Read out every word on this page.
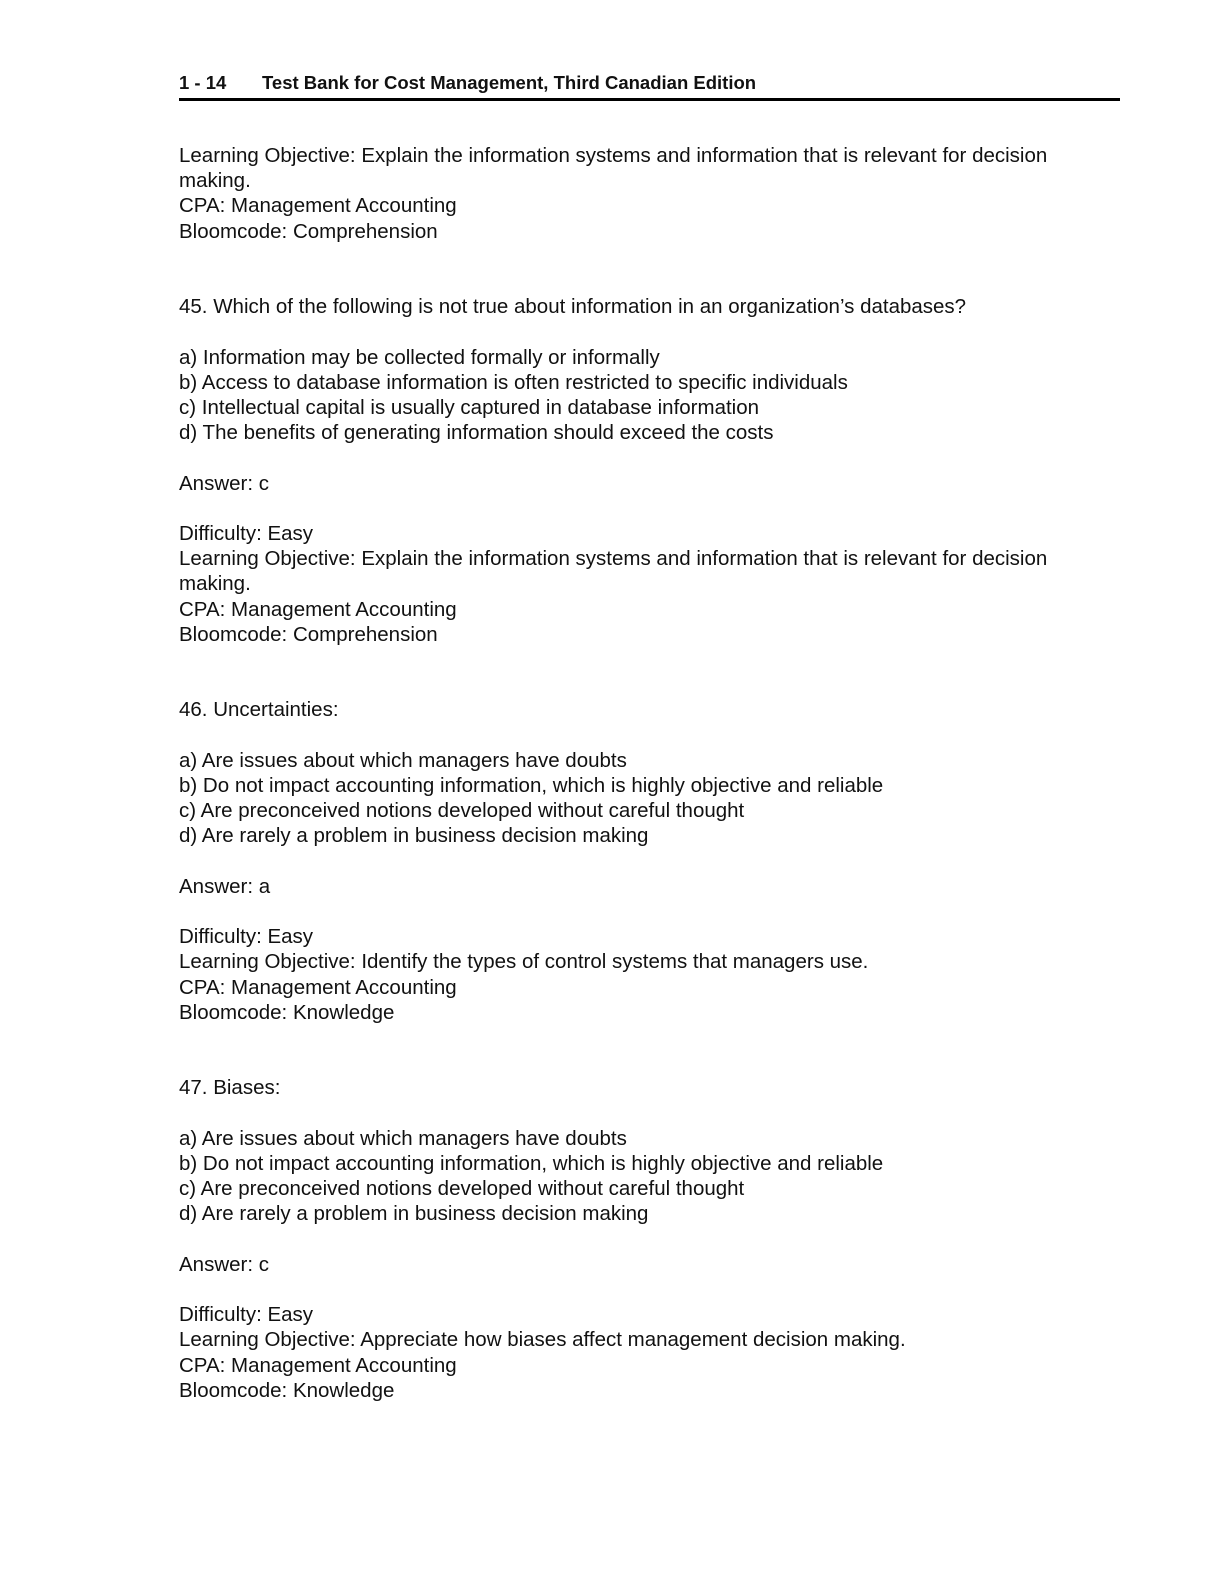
1 - 14 Test Bank for Cost Management, Third Canadian Edition
Learning Objective: Explain the information systems and information that is relevant for decision
making.
CPA: Management Accounting
Bloomcode: Comprehension
45. Which of the following is not true about information in an organization’s databases?
a) Information may be collected formally or informally
b) Access to database information is often restricted to specific individuals
c) Intellectual capital is usually captured in database information
d) The benefits of generating information should exceed the costs
Answer: c
Difficulty: Easy
Learning Objective: Explain the information systems and information that is relevant for decision
making.
CPA: Management Accounting
Bloomcode: Comprehension
46. Uncertainties:
a) Are issues about which managers have doubts
b) Do not impact accounting information, which is highly objective and reliable
c) Are preconceived notions developed without careful thought
d) Are rarely a problem in business decision making
Answer: a
Difficulty: Easy
Learning Objective: Identify the types of control systems that managers use.
CPA: Management Accounting
Bloomcode: Knowledge
47. Biases:
a) Are issues about which managers have doubts
b) Do not impact accounting information, which is highly objective and reliable
c) Are preconceived notions developed without careful thought
d) Are rarely a problem in business decision making
Answer: c
Difficulty: Easy
Learning Objective: Appreciate how biases affect management decision making.
CPA: Management Accounting
Bloomcode: Knowledge
